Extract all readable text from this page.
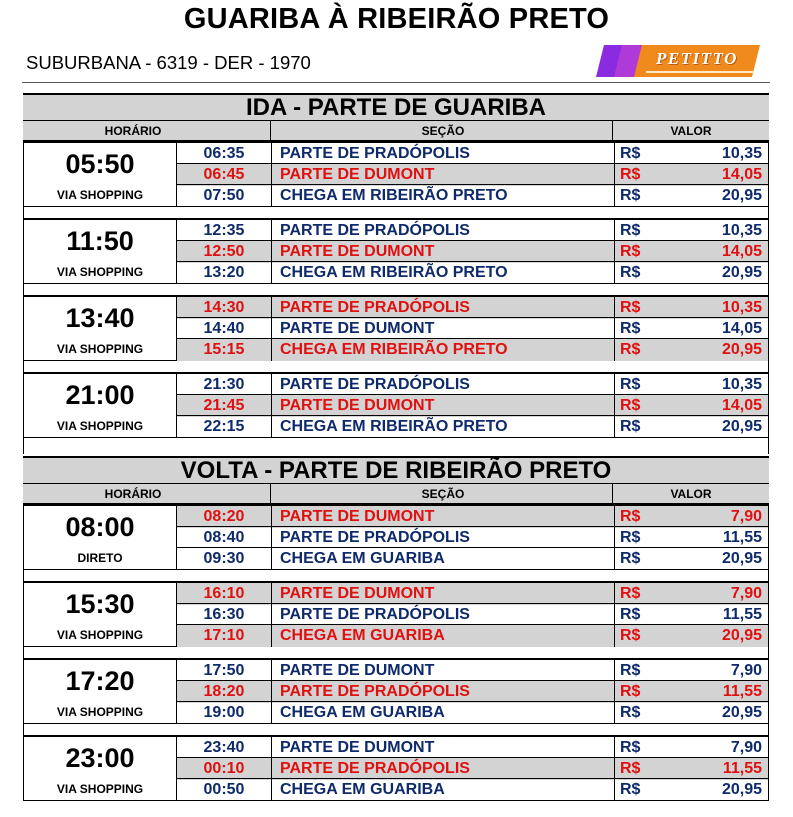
GUARIBA À RIBEIRÃO PRETO
SUBURBANA - 6319 - DER - 1970	PETITTO
IDA - PARTE DE GUARIBA
HORÁRIO	SEÇÃO	VALOR
05:50
VIA SHOPPING
06:35	PARTE DE PRADÓPOLIS	R$	10,35
06:45	PARTE DE DUMONT	R$	14,05
07:50	CHEGA EM RIBEIRÃO PRETO	R$	20,95
11:50
VIA SHOPPING
12:35	PARTE DE PRADÓPOLIS	R$	10,35
12:50	PARTE DE DUMONT	R$	14,05
13:20	CHEGA EM RIBEIRÃO PRETO	R$	20,95
13:40
VIA SHOPPING
14:30	PARTE DE PRADÓPOLIS	R$	10,35
14:40	PARTE DE DUMONT	R$	14,05
15:15	CHEGA EM RIBEIRÃO PRETO	R$	20,95
21:00
VIA SHOPPING
21:30	PARTE DE PRADÓPOLIS	R$	10,35
21:45	PARTE DE DUMONT	R$	14,05
22:15	CHEGA EM RIBEIRÃO PRETO	R$	20,95
VOLTA - PARTE DE RIBEIRÃO PRETO
HORÁRIO	SEÇÃO	VALOR
08:00
DIRETO
08:20	PARTE DE DUMONT	R$	7,90
08:40	PARTE DE PRADÓPOLIS	R$	11,55
09:30	CHEGA EM GUARIBA	R$	20,95
15:30
VIA SHOPPING
16:10	PARTE DE DUMONT	R$	7,90
16:30	PARTE DE PRADÓPOLIS	R$	11,55
17:10	CHEGA EM GUARIBA	R$	20,95
17:20
VIA SHOPPING
17:50	PARTE DE DUMONT	R$	7,90
18:20	PARTE DE PRADÓPOLIS	R$	11,55
19:00	CHEGA EM GUARIBA	R$	20,95
23:00
VIA SHOPPING
23:40	PARTE DE DUMONT	R$	7,90
00:10	PARTE DE PRADÓPOLIS	R$	11,55
00:50	CHEGA EM GUARIBA	R$	20,95
